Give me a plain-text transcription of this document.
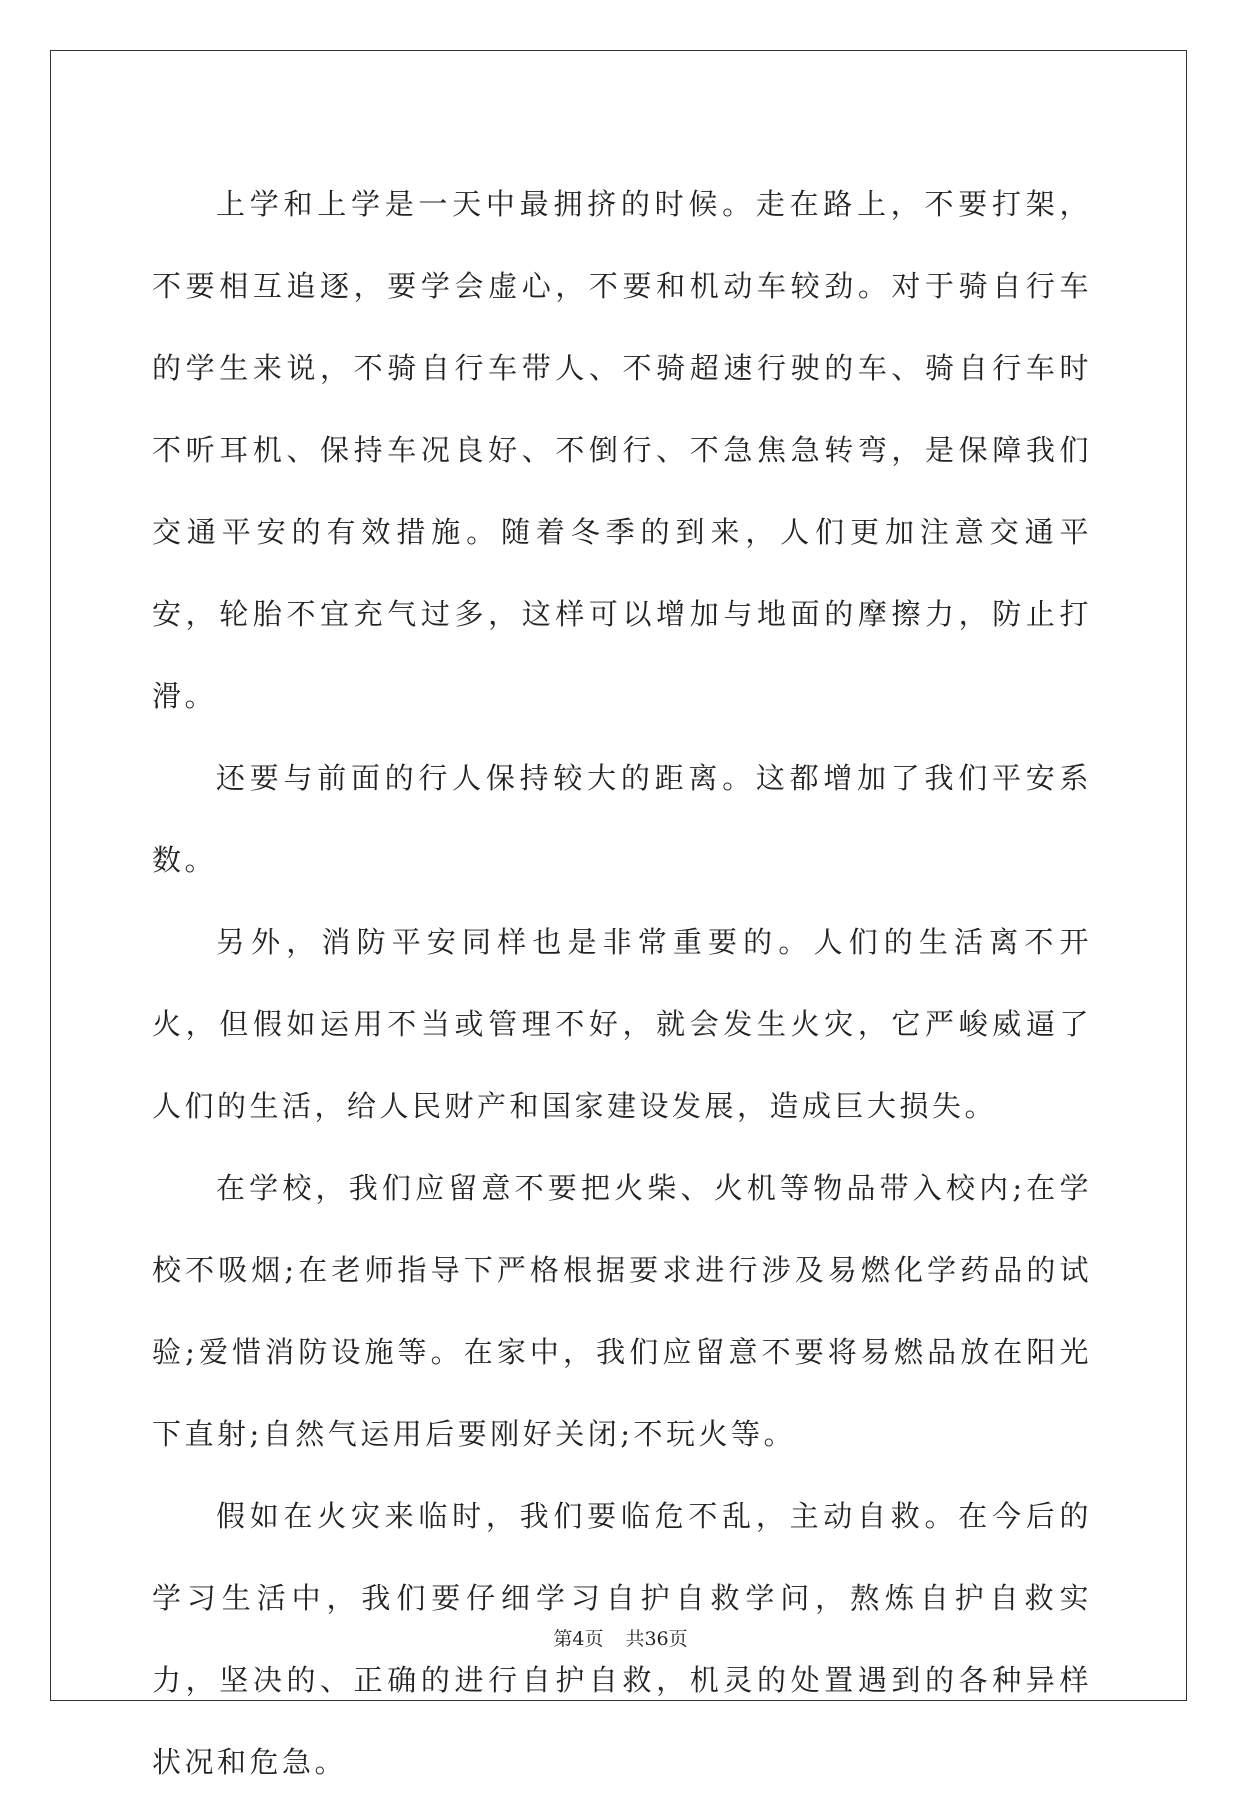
上学和上学是一天中最拥挤的时候。走在路上，不要打架，不要相互追逐，要学会虚心，不要和机动车较劲。对于骑自行车的学生来说，不骑自行车带人、不骑超速行驶的车、骑自行车时不听耳机、保持车况良好、不倒行、不急焦急转弯，是保障我们交通平安的有效措施。随着冬季的到来，人们更加注意交通平安，轮胎不宜充气过多，这样可以增加与地面的摩擦力，防止打滑。

还要与前面的行人保持较大的距离。这都增加了我们平安系数。

另外，消防平安同样也是非常重要的。人们的生活离不开火，但假如运用不当或管理不好，就会发生火灾，它严峻威逼了人们的生活，给人民财产和国家建设发展，造成巨大损失。

在学校，我们应留意不要把火柴、火机等物品带入校内;在学校不吸烟;在老师指导下严格根据要求进行涉及易燃化学药品的试验;爱惜消防设施等。在家中，我们应留意不要将易燃品放在阳光下直射;自然气运用后要刚好关闭;不玩火等。

假如在火灾来临时，我们要临危不乱，主动自救。在今后的学习生活中，我们要仔细学习自护自救学问，熬炼自护自救实力，坚决的、正确的进行自护自救，机灵的处置遇到的各种异样状况和危急。

第4页 共36页
